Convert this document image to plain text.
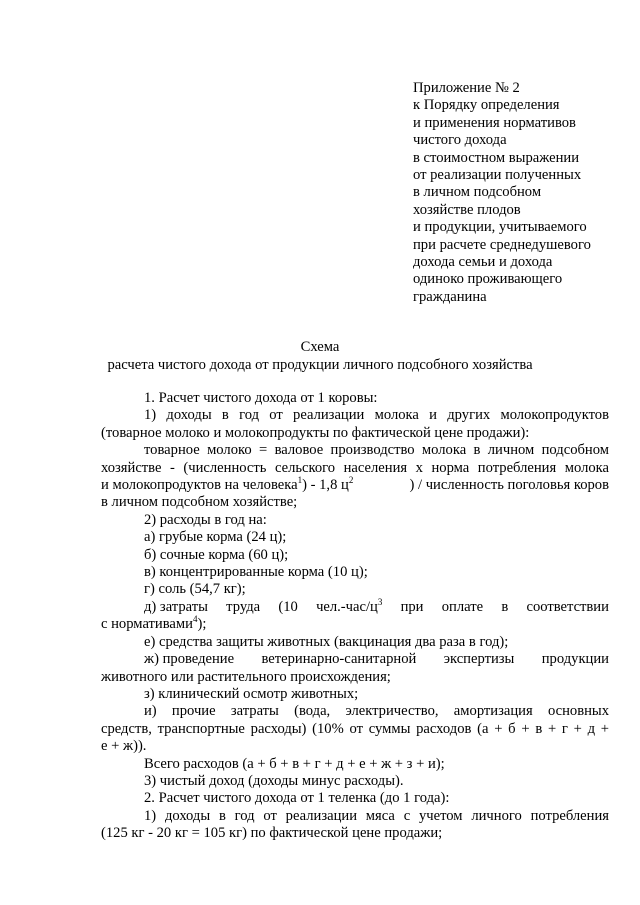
Приложение № 2
к Порядку определения
и применения нормативов
чистого дохода
в стоимостном выражении
от реализации полученных
в личном подсобном
хозяйстве плодов
и продукции, учитываемого
при расчете среднедушевого
дохода семьи и дохода
одиноко проживающего
гражданина
Схема
расчета чистого дохода от продукции личного подсобного хозяйства
1. Расчет чистого дохода от 1 коровы:
1) доходы в год от реализации молока и других молокопродуктов
(товарное молоко и молокопродукты по фактической цене продажи):
товарное молоко = валовое производство молока в личном подсобном
хозяйстве - (численность сельского населения х норма потребления молока
и молокопродуктов на человека$^1$) - 1,8 $ц^2$	) / численность поголовья коров
в личном подсобном хозяйстве;
2) расходы в год на:
а) грубые корма (24 ц);
б) сочные корма (60 ц);
в) концентрированные корма (10 ц);
г) соль (54,7 кг);
д) затраты труда (10 $чел.-час/ц^3$ при оплате в соответствии
с нормативами$^4$);
е) средства защиты животных (вакцинация два раза в год);
ж) проведение ветеринарно-санитарной экспертизы продукции
животного или растительного происхождения;
з) клинический осмотр животных;
и) прочие затраты (вода, электричество, амортизация основных
средств, транспортные расходы) (10% от суммы расходов (а + б + в + г + д +
е + ж)).
Всего расходов (а + б + в + г + д + е + ж + з + и);
3) чистый доход (доходы минус расходы).
2. Расчет чистого дохода от 1 теленка (до 1 года):
1) доходы в год от реализации мяса с учетом личного потребления
(125 кг - 20 кг = 105 кг) по фактической цене продажи;
